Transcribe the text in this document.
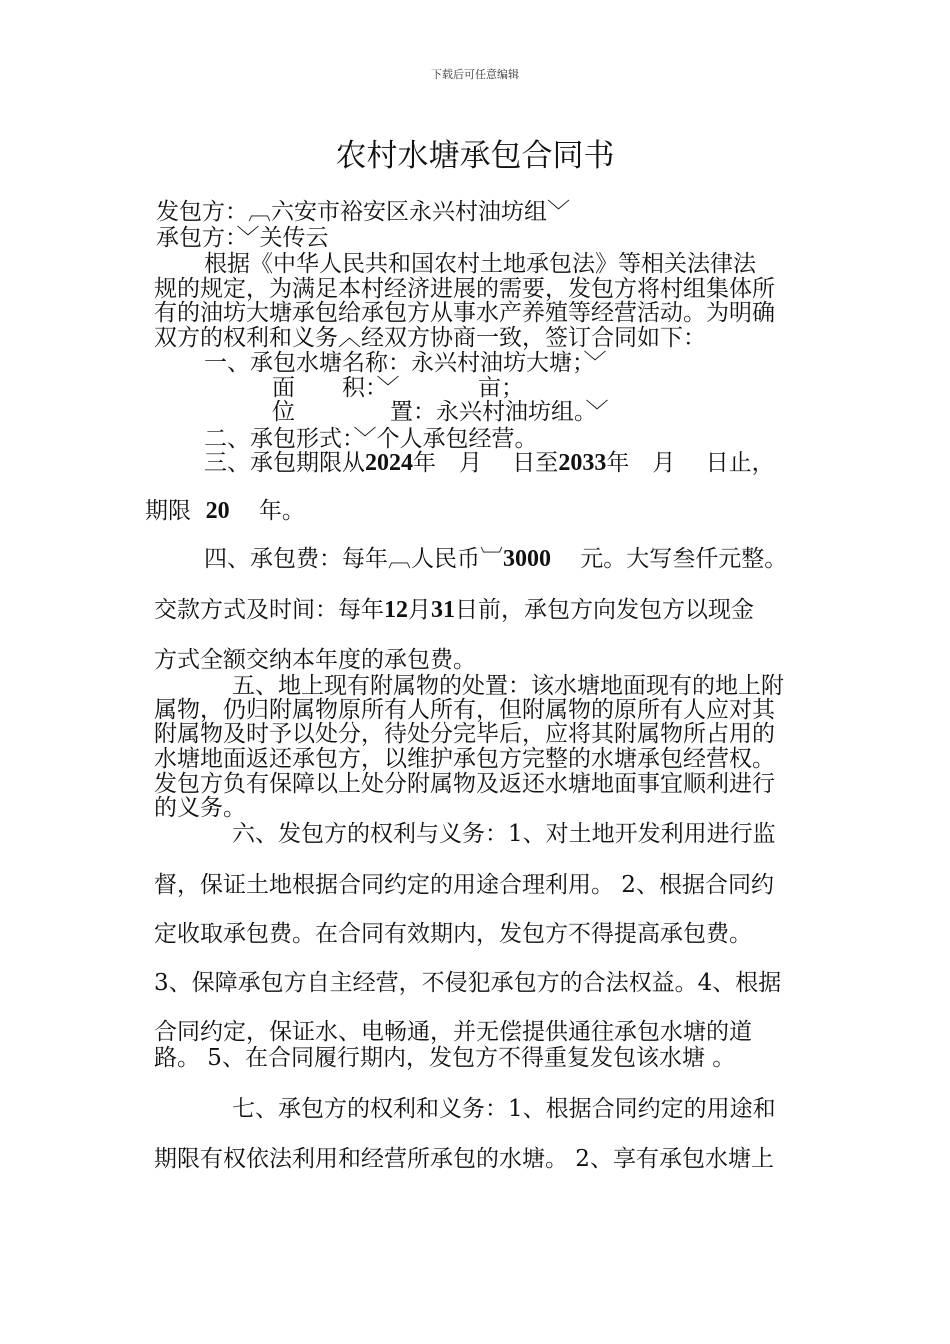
下载后可任意编辑
农村水塘承包合同书
发包方：︹六安市裕安区永兴村油坊组﹀
承包方：﹀关传云
根据《中华人民共和国农村土地承包法》等相关法律法
规的规定，为满足本村经济进展的需要，发包方将村组集体所
有的油坊大塘承包给承包方从事水产养殖等经营活动。为明确
双方的权利和义务︿经双方协商一致，签订合同如下：
一、承包水塘名称：永兴村油坊大塘；﹀
面 积：﹀	亩；
位	置：永兴村油坊组。﹀
二、承包形式：﹀个人承包经营。
三、承包期限从2024年　月　 日至2033年　月　 日止，
期限 20 年。
四、承包费：每年︹人民币︺3000 元。大写叁仟元整。
交款方式及时间：每年12月31日前，承包方向发包方以现金
方式全额交纳本年度的承包费。
五、地上现有附属物的处置：该水塘地面现有的地上附
属物，仍归附属物原所有人所有，但附属物的原所有人应对其
附属物及时予以处分，待处分完毕后，应将其附属物所占用的
水塘地面返还承包方，以维护承包方完整的水塘承包经营权。
发包方负有保障以上处分附属物及返还水塘地面事宜顺利进行
的义务。
六、发包方的权利与义务：1、对土地开发利用进行监
督，保证土地根据合同约定的用途合理利用。 2、根据合同约
定收取承包费。在合同有效期内，发包方不得提高承包费。
3、保障承包方自主经营，不侵犯承包方的合法权益。4、根据
合同约定，保证水、电畅通，并无偿提供通往承包水塘的道
路。 5、在合同履行期内，发包方不得重复发包该水塘 。
七、承包方的权利和义务：1、根据合同约定的用途和
期限有权依法利用和经营所承包的水塘。 2、享有承包水塘上
